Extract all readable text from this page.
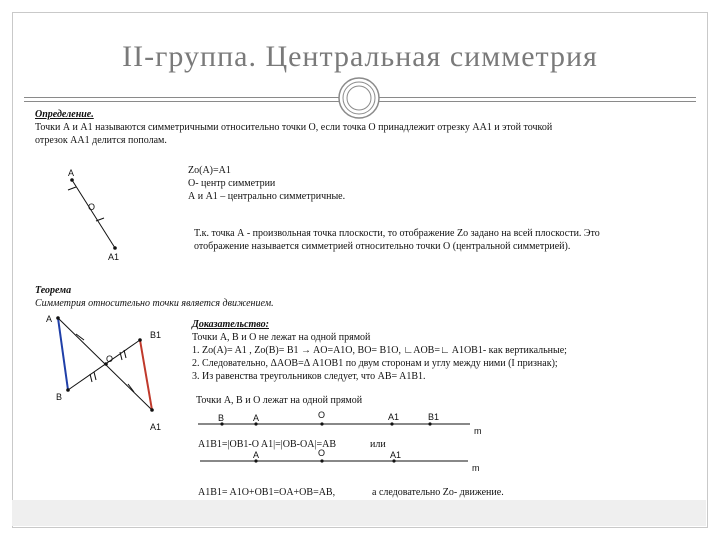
II-группа. Центральная симметрия
Определение.
Точки А и А1 называются симметричными относительно точки О, если точка О принадлежит отрезку АА1 и этой точкой
отрезок АА1 делится пополам.
A
O
A1
Zo(A)=A1
O- центр симметрии
А и А1 – центрально симметричные.
Т.к. точка А - произвольная точка плоскости, то отображение Zo задано на всей плоскости. Это
отображение называется симметрией относительно точки О (центральной симметрией).
Теорема
Симметрия относительно точки является движением.
A
B1
O
B
A1
Доказательство:
Точки А, В и О не лежат на одной прямой
1. Zo(A)= A1 , Zo(B)= B1 → AO=A1O, BO= B1O, ∟AOB=∟ A1OB1- как вертикальные;
2. Следовательно, ΔAOB=Δ A1OB1 по двум сторонам и углу между ними (I признак);
3. Из равенства треугольников следует, что AB= A1B1.
Точки А, В и О лежат на одной прямой
B	A	O	A1	B1
m
A1B1=|OB1-O A1|=|OB-OA|=AB	или
A	O	A1
m
A1B1= A1O+OB1=OA+OB=AB,	а следовательно Zo- движение.
